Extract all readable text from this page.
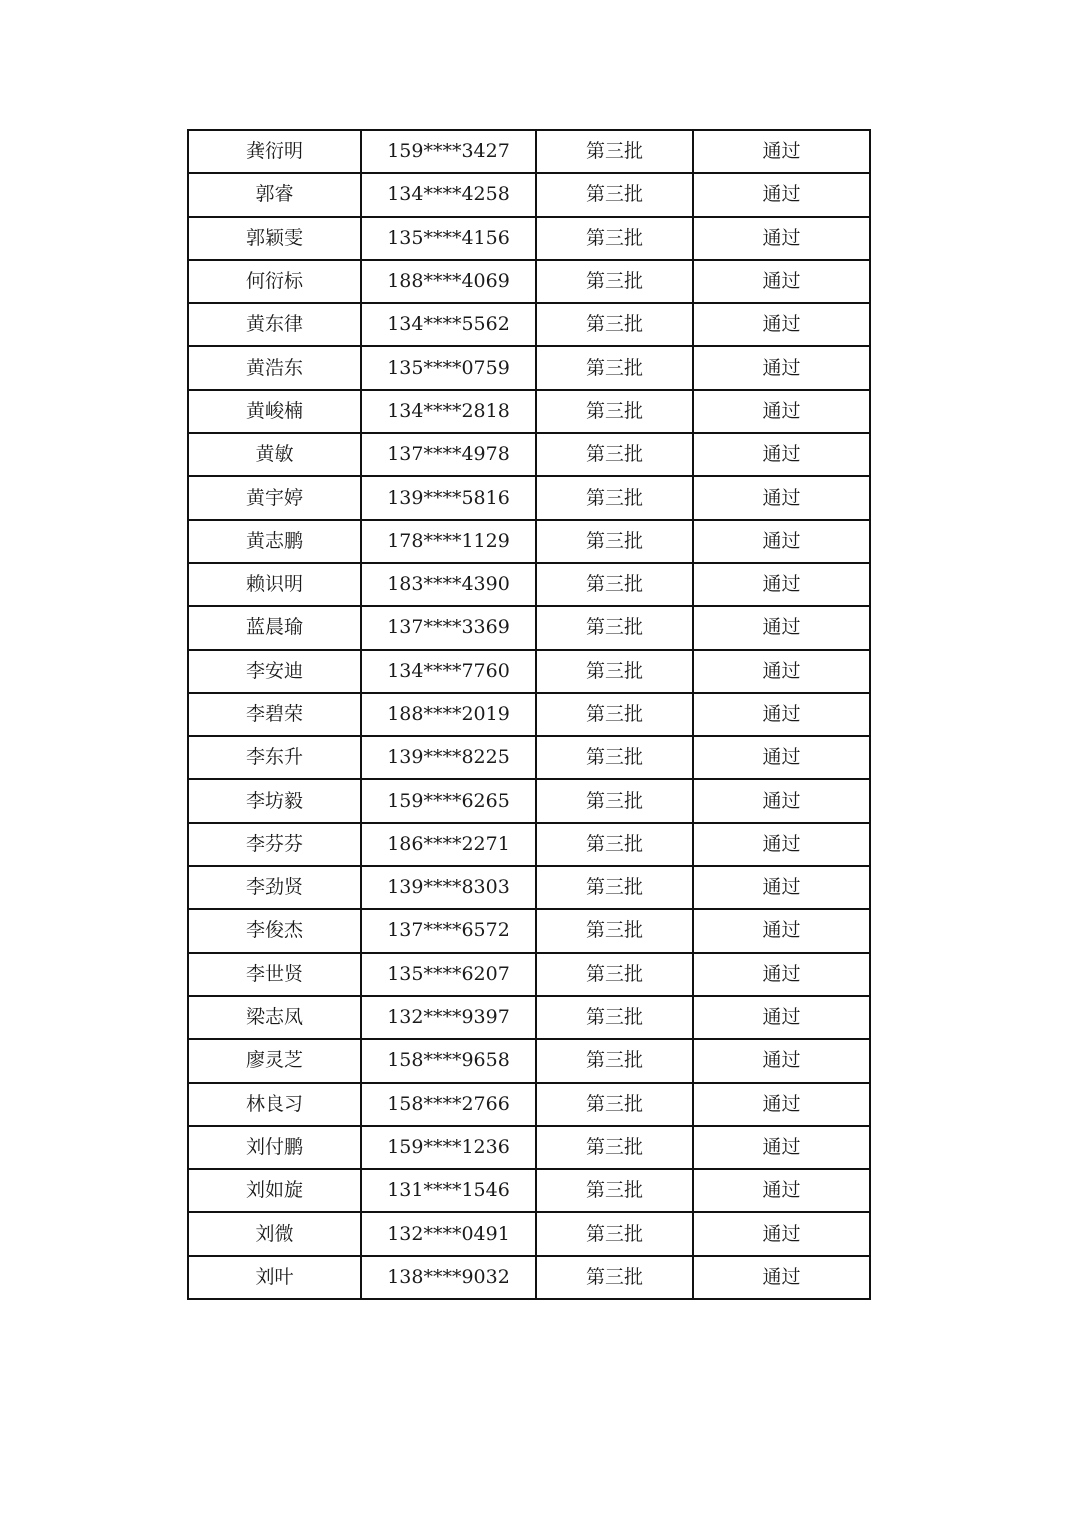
龚衍明	159****3427	第三批	通过
郭睿	134****4258	第三批	通过
郭颖雯	135****4156	第三批	通过
何衍标	188****4069	第三批	通过
黄东律	134****5562	第三批	通过
黄浩东	135****0759	第三批	通过
黄峻楠	134****2818	第三批	通过
黄敏	137****4978	第三批	通过
黄宇婷	139****5816	第三批	通过
黄志鹏	178****1129	第三批	通过
赖识明	183****4390	第三批	通过
蓝晨瑜	137****3369	第三批	通过
李安迪	134****7760	第三批	通过
李碧荣	188****2019	第三批	通过
李东升	139****8225	第三批	通过
李坊毅	159****6265	第三批	通过
李芬芬	186****2271	第三批	通过
李劲贤	139****8303	第三批	通过
李俊杰	137****6572	第三批	通过
李世贤	135****6207	第三批	通过
梁志凤	132****9397	第三批	通过
廖灵芝	158****9658	第三批	通过
林良习	158****2766	第三批	通过
刘付鹏	159****1236	第三批	通过
刘如旋	131****1546	第三批	通过
刘微	132****0491	第三批	通过
刘叶	138****9032	第三批	通过
